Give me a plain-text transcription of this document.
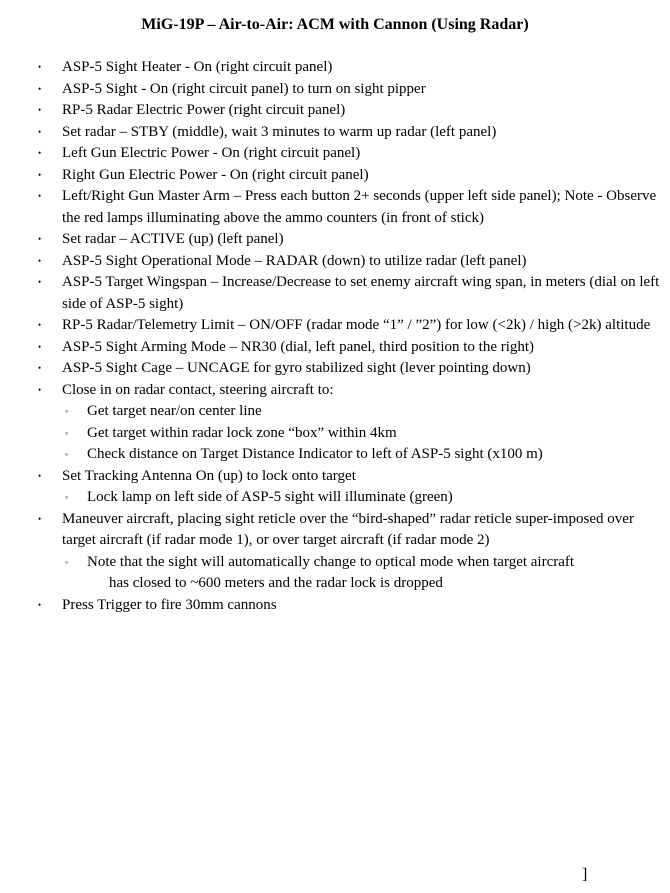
MiG-19P – Air-to-Air: ACM with Cannon (Using Radar)
• ASP-5 Sight Heater - On (right circuit panel)
• ASP-5 Sight - On (right circuit panel) to turn on sight pipper
• RP-5 Radar Electric Power (right circuit panel)
• Set radar – STBY (middle), wait 3 minutes to warm up radar (left panel)
• Left Gun Electric Power - On (right circuit panel)
• Right Gun Electric Power - On (right circuit panel)
• Left/Right Gun Master Arm – Press each button 2+ seconds (upper left side panel); Note - Observe the red lamps illuminating above the ammo counters (in front of stick)
• Set radar – ACTIVE (up) (left panel)
• ASP-5 Sight Operational Mode – RADAR (down) to utilize radar (left panel)
• ASP-5 Target Wingspan – Increase/Decrease to set enemy aircraft wing span, in meters (dial on left side of ASP-5 sight)
• RP-5 Radar/Telemetry Limit – ON/OFF (radar mode “1” / ”2”) for low (<2k) / high (>2k) altitude
• ASP-5 Sight Arming Mode – NR30 (dial, left panel, third position to the right)
• ASP-5 Sight Cage – UNCAGE for gyro stabilized sight (lever pointing down)
• Close in on radar contact, steering aircraft to:
◦ Get target near/on center line
◦ Get target within radar lock zone “box” within 4km
◦ Check distance on Target Distance Indicator to left of ASP-5 sight (x100 m)
• Set Tracking Antenna On (up) to lock onto target
◦ Lock lamp on left side of ASP-5 sight will illuminate (green)
• Maneuver aircraft, placing sight reticle over the “bird-shaped” radar reticle super-imposed over target aircraft (if radar mode 1), or over target aircraft (if radar mode 2)
◦ Note that the sight will automatically change to optical mode when target aircraft
has closed to ~600 meters and the radar lock is dropped
• Press Trigger to fire 30mm cannons
]
